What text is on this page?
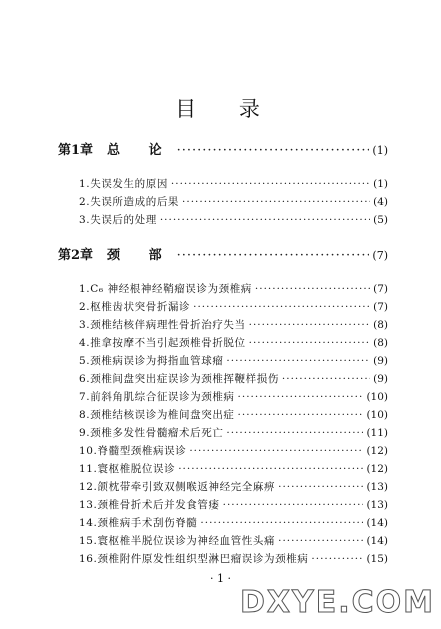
目 录
第1章 总 论 ·····	(1)
1.失误发生的原因 ·····	(1)
2.失误所造成的后果 ·····	(4)
3.失误后的处理 ·····	(5)
第2章 颈 部 ·····	(7)
1.C₆ 神经根神经鞘瘤误诊为颈椎病 ·····	(7)
2.枢椎齿状突骨折漏诊 ·····	(7)
3.颈椎结核伴病理性骨折治疗失当 ·····	(8)
4.推拿按摩不当引起颈椎骨折脱位 ·····	(8)
5.颈椎病误诊为拇指血管球瘤 ·····	(9)
6.颈椎间盘突出症误诊为颈椎挥鞭样损伤 ·····	(9)
7.前斜角肌综合征误诊为颈椎病 ·····	(10)
8.颈椎结核误诊为椎间盘突出症 ·····	(10)
9.颈椎多发性骨髓瘤术后死亡 ·····	(11)
10.脊髓型颈椎病误诊 ·····	(12)
11.寰枢椎脱位误诊 ·····	(12)
12.颌枕带牵引致双侧喉返神经完全麻痹 ·····	(13)
13.颈椎骨折术后并发食管瘘 ·····	(13)
14.颈椎病手术刮伤脊髓 ·····	(14)
15.寰枢椎半脱位误诊为神经血管性头痛 ·····	(14)
16.颈椎附件原发性组织型淋巴瘤误诊为颈椎病 ·····	(15)
· 1 ·
DXYE.COM
